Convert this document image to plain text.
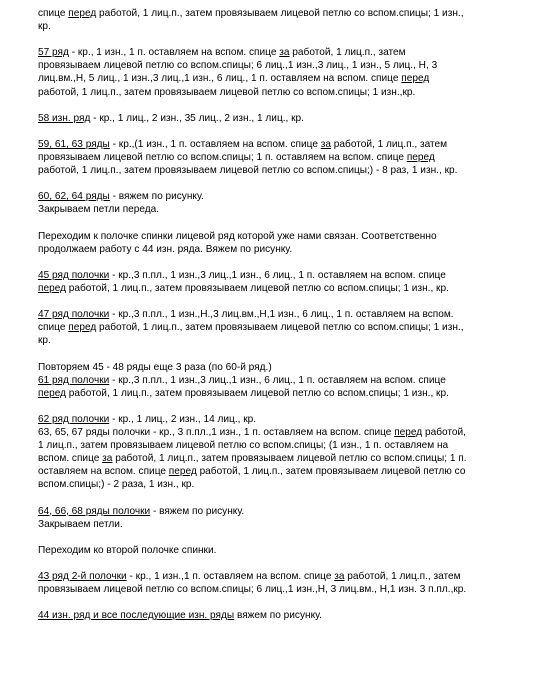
спице перед работой, 1 лиц.п., затем провязываем лицевой петлю со вспом.спицы; 1 изн.,
кр.

57 ряд - кр., 1 изн., 1 п. оставляем на вспом. спице за работой, 1 лиц.п., затем
провязываем лицевой петлю со вспом.спицы; 6 лиц.,1 изн.,3 лиц., 1 изн., 5 лиц., Н, 3
лиц.вм.,Н, 5 лиц., 1 изн.,3 лиц.,1 изн., 6 лиц., 1 п. оставляем на вспом. спице перед
работой, 1 лиц.п., затем провязываем лицевой петлю со вспом.спицы; 1 изн.,кр.

58 изн. ряд - кр., 1 лиц., 2 изн., 35 лиц., 2 изн., 1 лиц., кр.

59, 61, 63 ряды - кр.,(1 изн., 1 п. оставляем на вспом. спице за работой, 1 лиц.п., затем
провязываем лицевой петлю со вспом.спицы; 1 п. оставляем на вспом. спице перед
работой, 1 лиц.п., затем провязываем лицевой петлю со вспом.спицы;) - 8 раз, 1 изн., кр.

60, 62, 64 ряды - вяжем по рисунку.

Закрываем петли переда.

Переходим к полочке спинки лицевой ряд которой уже нами связан. Соответственно
продолжаем работу с 44 изн. ряда. Вяжем по рисунку.

45 ряд полочки - кр.,3 п.пл., 1 изн.,3 лиц.,1 изн., 6 лиц., 1 п. оставляем на вспом. спице
перед работой, 1 лиц.п., затем провязываем лицевой петлю со вспом.спицы; 1 изн., кр.

47 ряд полочки - кр.,3 п.пл., 1 изн.,Н.,3 лиц.вм.,Н,1 изн., 6 лиц., 1 п. оставляем на вспом.
спице перед работой, 1 лиц.п., затем провязываем лицевой петлю со вспом.спицы; 1 изн.,
кр.

Повторяем 45 - 48 ряды еще 3 раза (по 60-й ряд.)

61 ряд полочки - кр.,3 п.пл., 1 изн.,3 лиц.,1 изн., 6 лиц., 1 п. оставляем на вспом. спице
перед работой, 1 лиц.п., затем провязываем лицевой петлю со вспом.спицы; 1 изн., кр.

62 ряд полочки - кр., 1 лиц., 2 изн., 14 лиц., кр.

63, 65, 67 ряды полочки - кр., 3 п.пл.,1 изн., 1 п. оставляем на вспом. спице перед работой,
1 лиц.п., затем провязываем лицевой петлю со вспом.спицы; (1 изн., 1 п. оставляем на
вспом. спице за работой, 1 лиц.п., затем провязываем лицевой петлю со вспом.спицы; 1 п.
оставляем на вспом. спице перед работой, 1 лиц.п., затем провязываем лицевой петлю со
вспом.спицы;) - 2 раза, 1 изн., кр.

64, 66, 68 ряды полочки - вяжем по рисунку.

Закрываем петли.

Переходим ко второй полочке спинки.

43 ряд 2-й полочки - кр., 1 изн.,1 п. оставляем на вспом. спице за работой, 1 лиц.п., затем
провязываем лицевой петлю со вспом.спицы; 6 лиц.,1 изн.,Н, 3 лиц.вм., Н,1 изн. 3 п.пл.,кр.

44 изн. ряд и все последующие изн. ряды вяжем по рисунку.
